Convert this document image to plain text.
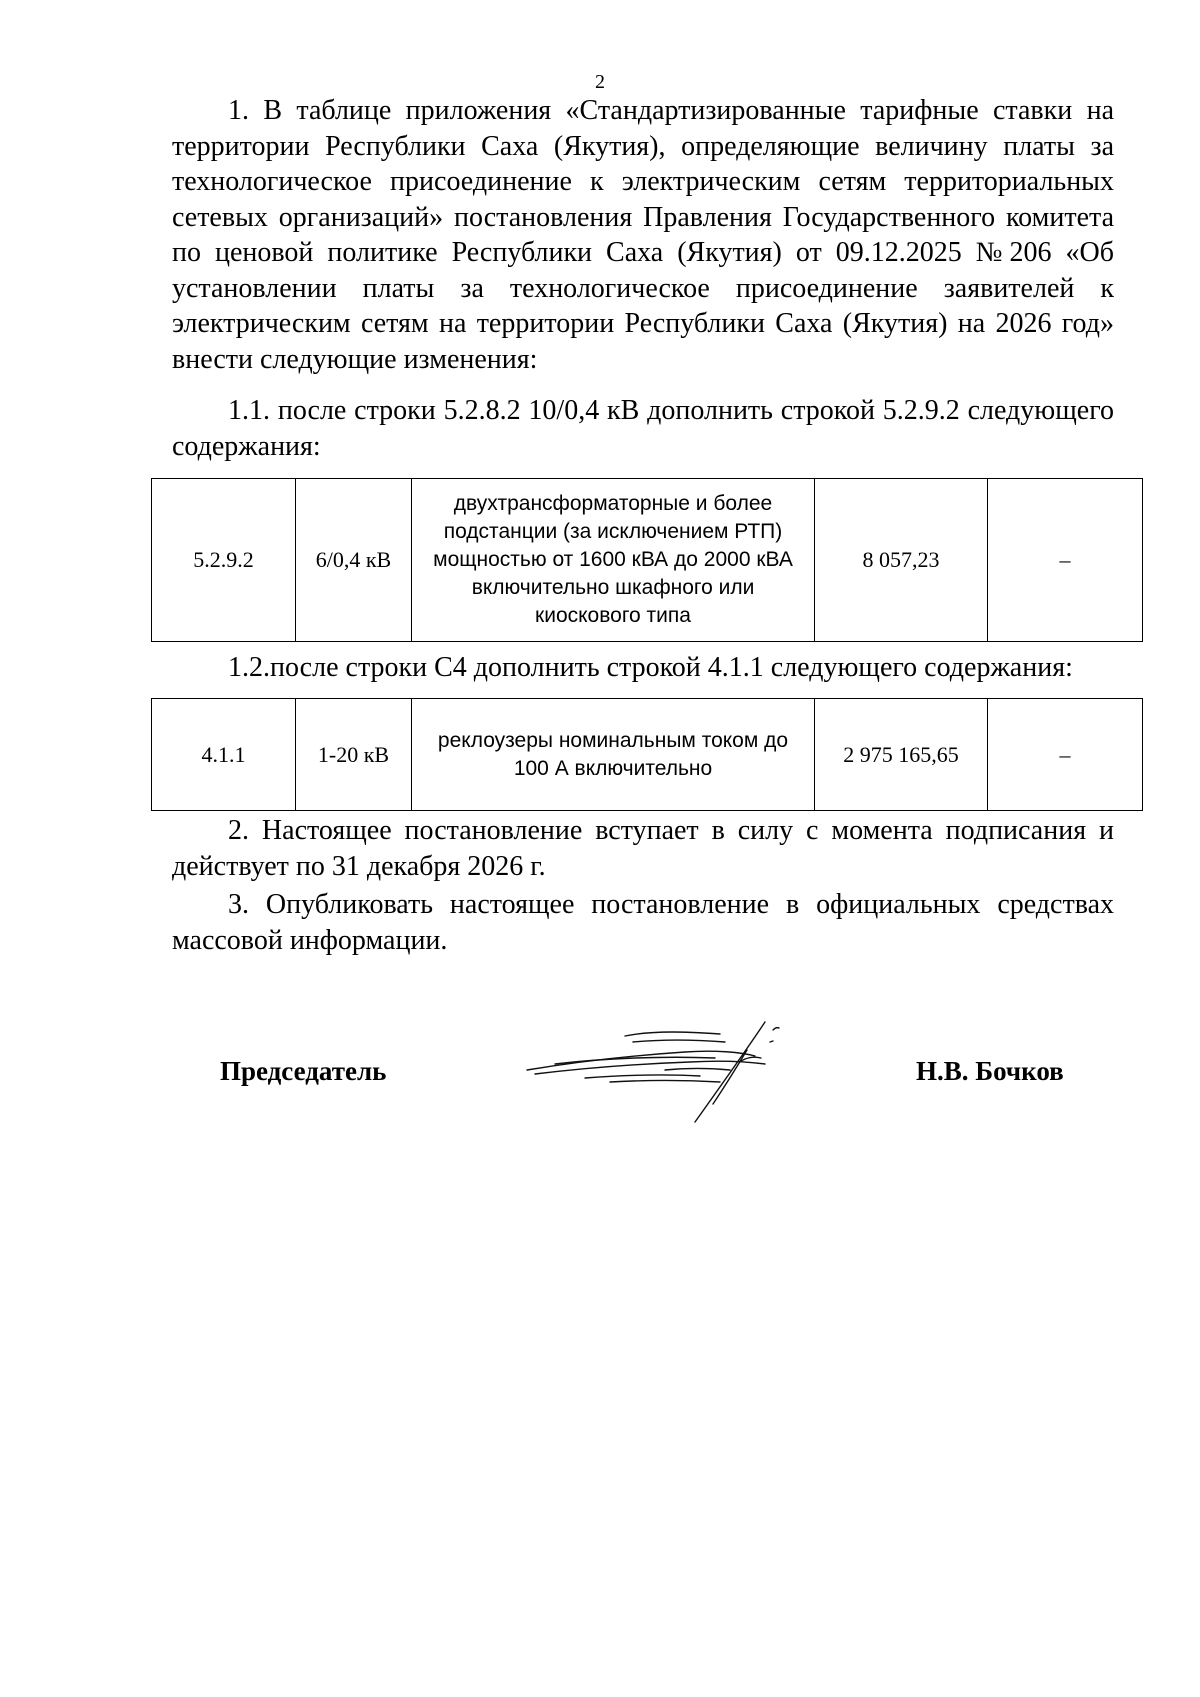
2

1. В таблице приложения «Стандартизированные тарифные ставки на территории Республики Саха (Якутия), определяющие величину платы за технологическое присоединение к электрическим сетям территориальных сетевых организаций» постановления Правления Государственного комитета по ценовой политике Республики Саха (Якутия) от 09.12.2025 №206 «Об установлении платы за технологическое присоединение заявителей к электрическим сетям на территории Республики Саха (Якутия) на 2026 год» внести следующие изменения:

1.1. после строки 5.2.8.2 10/0,4 кВ дополнить строкой 5.2.9.2 следующего содержания:

5.2.9.2	6/0,4 кВ	двухтрансформаторные и более подстанции (за исключением РТП) мощностью от 1600 кВА до 2000 кВА включительно шкафного или киоскового типа	8 057,23	–

1.2.после строки С4 дополнить строкой 4.1.1 следующего содержания:

4.1.1	1-20 кВ	реклоузеры номинальным током до 100 А включительно	2 975 165,65	–

2. Настоящее постановление вступает в силу с момента подписания и действует по 31 декабря 2026 г.

3. Опубликовать настоящее постановление в официальных средствах массовой информации.

Председатель	Н.В. Бочков
